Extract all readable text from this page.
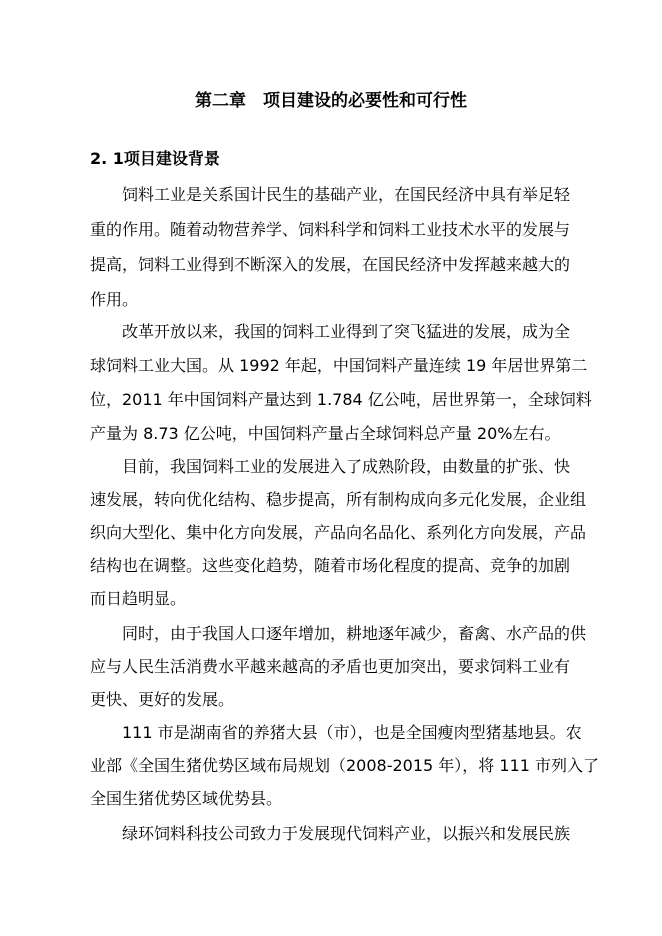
第二章　项目建设的必要性和可行性
2. 1项目建设背景
饲料工业是关系国计民生的基础产业，在国民经济中具有举足轻
重的作用。随着动物营养学、饲料科学和饲料工业技术水平的发展与
提高，饲料工业得到不断深入的发展，在国民经济中发挥越来越大的
作用。
改革开放以来，我国的饲料工业得到了突飞猛进的发展，成为全
球饲料工业大国。从 1992 年起，中国饲料产量连续 19 年居世界第二
位，2011 年中国饲料产量达到 1.784 亿公吨，居世界第一，全球饲料
产量为 8.73 亿公吨，中国饲料产量占全球饲料总产量 20%左右。
目前，我国饲料工业的发展进入了成熟阶段，由数量的扩张、快
速发展，转向优化结构、稳步提高，所有制构成向多元化发展，企业组
织向大型化、集中化方向发展，产品向名品化、系列化方向发展，产品
结构也在调整。这些变化趋势，随着市场化程度的提高、竞争的加剧
而日趋明显。
同时，由于我国人口逐年增加，耕地逐年减少，畜禽、水产品的供
应与人民生活消费水平越来越高的矛盾也更加突出，要求饲料工业有
更快、更好的发展。
111 市是湖南省的养猪大县（市），也是全国瘦肉型猪基地县。农
业部《全国生猪优势区域布局规划（2008-2015 年），将 111 市列入了
全国生猪优势区域优势县。
绿环饲料科技公司致力于发展现代饲料产业，以振兴和发展民族
